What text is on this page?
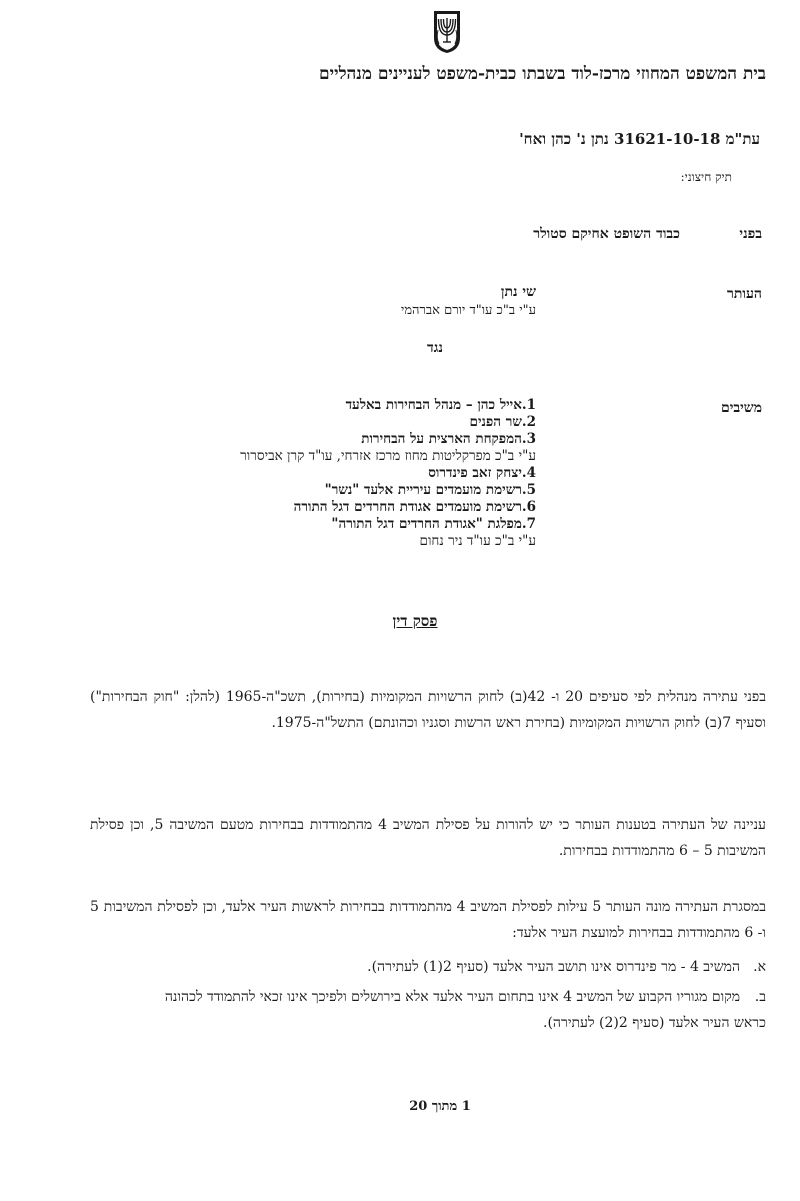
בית המשפט המחוזי מרכז-לוד בשבתו כבית-משפט לעניינים מנהליים
עת"מ 31621-10-18 נתן נ' כהן ואח'
תיק חיצוני:
בפני
כבוד השופט אחיקם סטולר
העותר
שי נתן
ע"י ב"כ עו"ד יורם אברהמי
נגד
משיבים
1.אייל כהן – מנהל הבחירות באלעד
2.שר הפנים
3.המפקחת הארצית על הבחירות
ע"י ב"כ מפרקליטות מחוז מרכז אזרחי, עו"ד קרן אביסרור
4.יצחק זאב פינדרוס
5.רשימת מועמדים עיריית אלעד "נשר"
6.רשימת מועמדים אגודת החרדים דגל התורה
7.מפלגת "אגודת החרדים דגל התורה"
ע"י ב"כ עו"ד ניר נחום
פסק דין
בפני עתירה מנהלית לפי סעיפים 20 ו- 42(ב) לחוק הרשויות המקומיות (בחירות), תשכ"ה-1965 (להלן: "חוק הבחירות") וסעיף 7(ב) לחוק הרשויות המקומיות (בחירת ראש הרשות וסגניו וכהונתם) התשל"ה-1975.
עניינה של העתירה בטענות העותר כי יש להורות על פסילת המשיב 4 מהתמודדות בבחירות מטעם המשיבה 5, וכן פסילת המשיבות 5 – 6 מהתמודדות בבחירות.
במסגרת העתירה מונה העותר 5 עילות לפסילת המשיב 4 מהתמודדות בבחירות לראשות העיר אלעד, וכן לפסילת המשיבות 5 ו- 6 מהתמודדות בבחירות למועצת העיר אלעד:
א.המשיב 4 - מר פינדרוס אינו תושב העיר אלעד (סעיף 2(1) לעתירה).
ב.מקום מגוריו הקבוע של המשיב 4 אינו בתחום העיר אלעד אלא בירושלים ולפיכך אינו זכאי להתמודד לכהונה כראש העיר אלעד (סעיף 2(2) לעתירה).
1 מתוך 20
